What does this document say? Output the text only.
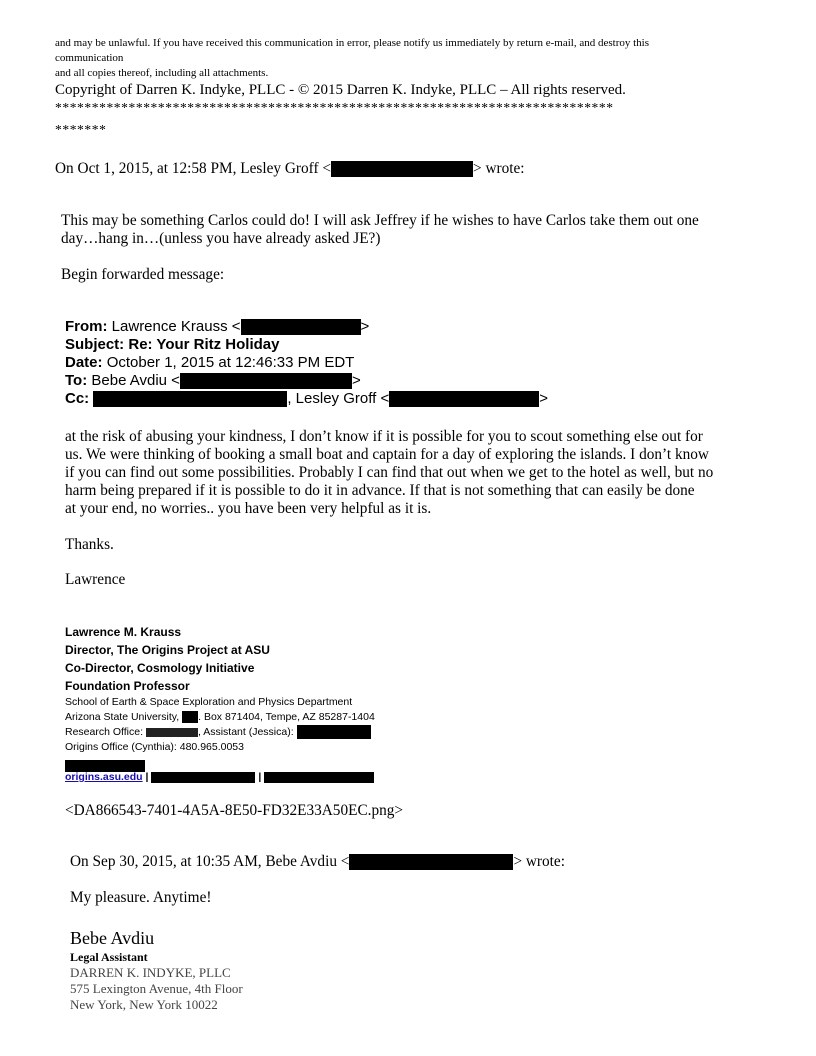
and may be unlawful. If you have received this communication in error, please notify us immediately by return e-mail, and destroy this
communication
and all copies thereof, including all attachments.
Copyright of Darren K. Indyke, PLLC - © 2015 Darren K. Indyke, PLLC – All rights reserved.
****************************************************************************
*******
On Oct 1, 2015, at 12:58 PM, Lesley Groff <	> wrote:
This may be something Carlos could do! I will ask Jeffrey if he wishes to have Carlos take them out one
day…hang in…(unless you have already asked JE?)
Begin forwarded message:
From: Lawrence Krauss <	>
Subject: Re: Your Ritz Holiday
Date: October 1, 2015 at 12:46:33 PM EDT
To: Bebe Avdiu <	>
Cc:	, Lesley Groff <	>
at the risk of abusing your kindness, I don’t know if it is possible for you to scout something else out for
us. We were thinking of booking a small boat and captain for a day of exploring the islands. I don’t know
if you can find out some possibilities. Probably I can find that out when we get to the hotel as well, but no
harm being prepared if it is possible to do it in advance. If that is not something that can easily be done
at your end, no worries.. you have been very helpful as it is.
Thanks.
Lawrence
Lawrence M. Krauss
Director, The Origins Project at ASU
Co-Director, Cosmology Initiative
Foundation Professor
School of Earth & Space Exploration and Physics Department
Arizona State University, . Box 871404, Tempe, AZ 85287-1404
Research Office:	, Assistant (Jessica):
Origins Office (Cynthia): 480.965.0053
origins.asu.edu |	|
<DA866543-7401-4A5A-8E50-FD32E33A50EC.png>
On Sep 30, 2015, at 10:35 AM, Bebe Avdiu <	> wrote:
My pleasure. Anytime!
Bebe Avdiu
Legal Assistant
DARREN K. INDYKE, PLLC
575 Lexington Avenue, 4th Floor
New York, New York 10022
